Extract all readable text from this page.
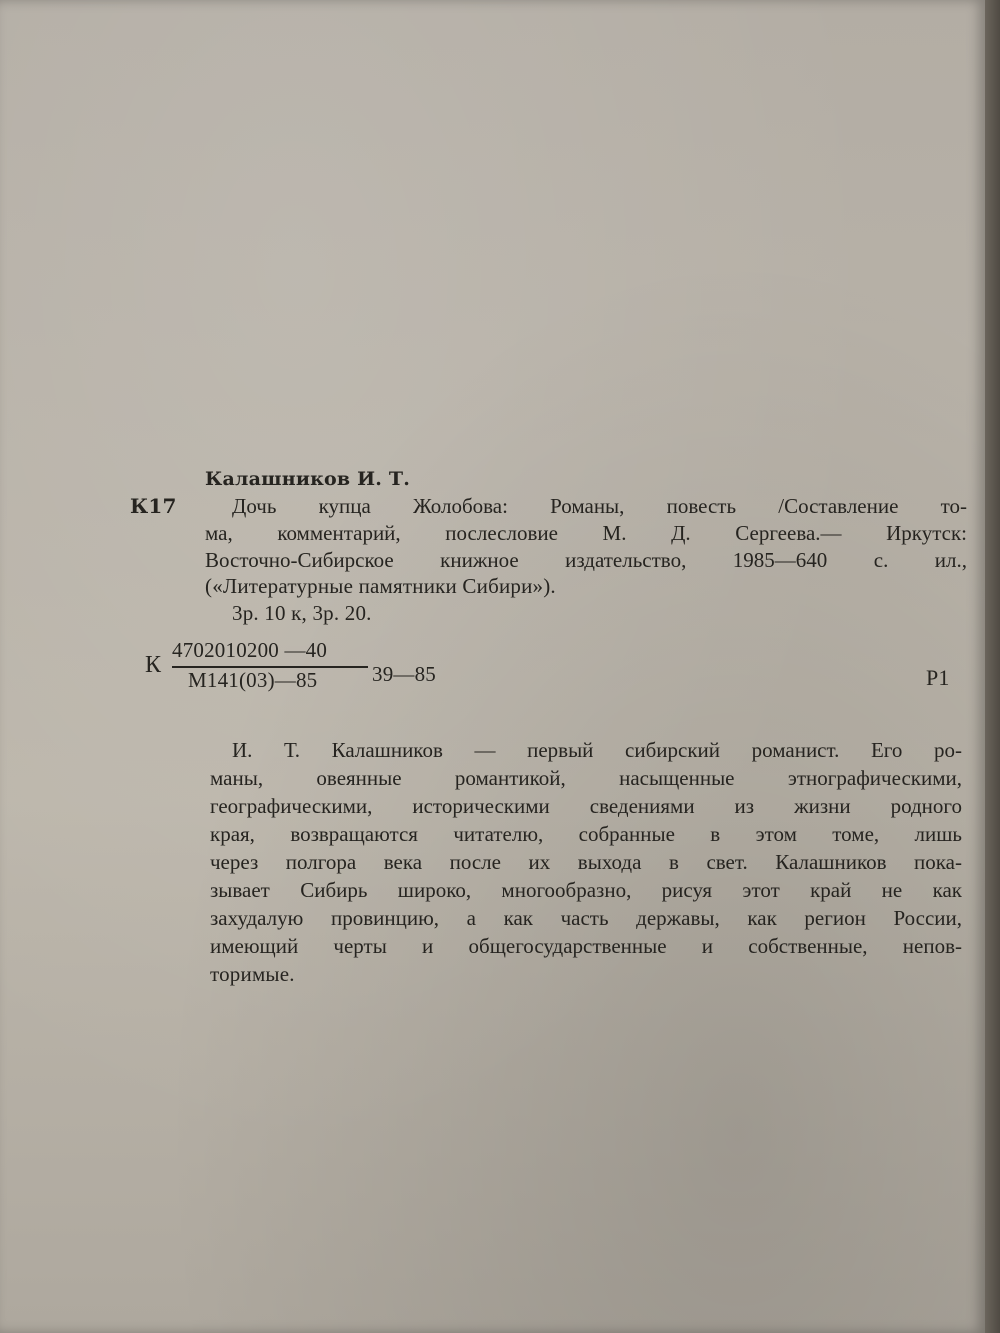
Калашников И. Т.
К17	Дочь купца Жолобова: Романы, повесть /Составление то-
ма, комментарий, послесловие М. Д. Сергеева.— Иркутск:
Восточно-Сибирское книжное издательство, 1985—640 с. ил.,
(«Литературные памятники Сибири»).
3р. 10 к, 3р. 20.
К
4702010200 —40
М141(03)—85	39—85	Р1
И. Т. Калашников — первый сибирский романист. Его ро-
маны, овеянные романтикой, насыщенные этнографическими,
географическими, историческими сведениями из жизни родного
края, возвращаются читателю, собранные в этом томе, лишь
через полгора века после их выхода в свет. Калашников пока-
зывает Сибирь широко, многообразно, рисуя этот край не как
захудалую провинцию, а как часть державы, как регион России,
имеющий черты и общегосударственные и собственные, непов-
торимые.
